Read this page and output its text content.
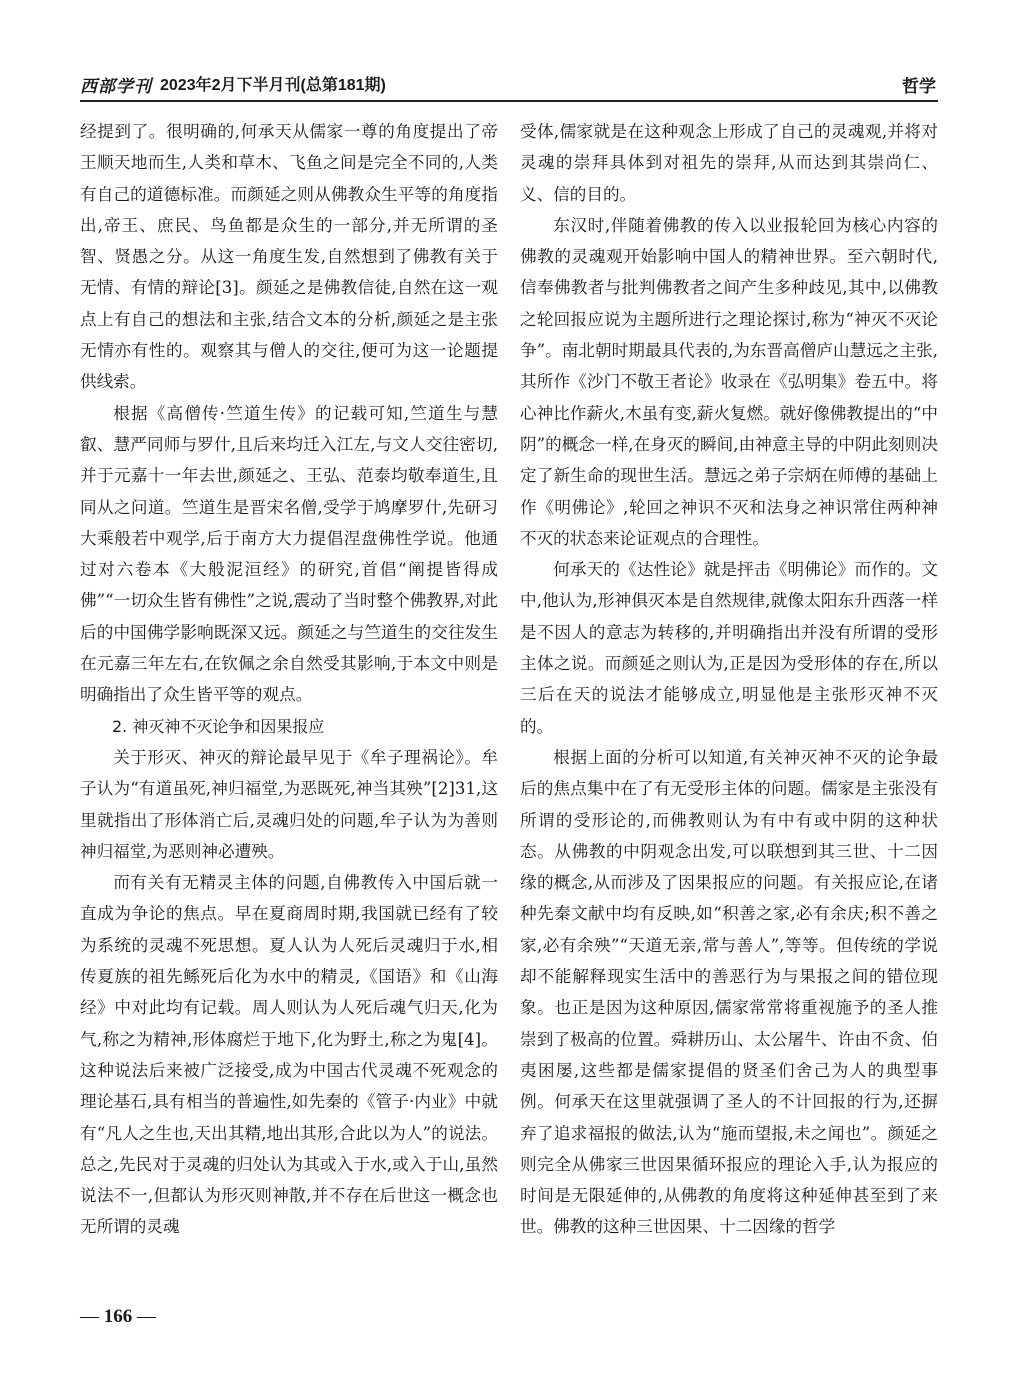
西部学刊 2023年2月下半月刊(总第181期)	哲学

经提到了。很明确的,何承天从儒家一尊的角度提出了帝王顺天地而生,人类和草木、飞鱼之间是完全不同的,人类有自己的道德标准。而颜延之则从佛教众生平等的角度指出,帝王、庶民、鸟鱼都是众生的一部分,并无所谓的圣智、贤愚之分。从这一角度生发,自然想到了佛教有关于无情、有情的辩论[3]。颜延之是佛教信徒,自然在这一观点上有自己的想法和主张,结合文本的分析,颜延之是主张无情亦有性的。观察其与僧人的交往,便可为这一论题提供线索。

根据《高僧传·竺道生传》的记载可知,竺道生与慧叡、慧严同师与罗什,且后来均迁入江左,与文人交往密切,并于元嘉十一年去世,颜延之、王弘、范泰均敬奉道生,且同从之问道。竺道生是晋宋名僧,受学于鸠摩罗什,先研习大乘般若中观学,后于南方大力提倡涅盘佛性学说。他通过对六卷本《大般泥洹经》的研究,首倡“阐提皆得成佛”“一切众生皆有佛性”之说,震动了当时整个佛教界,对此后的中国佛学影响既深又远。颜延之与竺道生的交往发生在元嘉三年左右,在钦佩之余自然受其影响,于本文中则是明确指出了众生皆平等的观点。

2. 神灭神不灭论争和因果报应

关于形灭、神灭的辩论最早见于《牟子理祸论》。牟子认为“有道虽死,神归福堂,为恶既死,神当其殃”[2]31,这里就指出了形体消亡后,灵魂归处的问题,牟子认为为善则神归福堂,为恶则神必遭殃。

而有关有无精灵主体的问题,自佛教传入中国后就一直成为争论的焦点。早在夏商周时期,我国就已经有了较为系统的灵魂不死思想。夏人认为人死后灵魂归于水,相传夏族的祖先鲧死后化为水中的精灵,《国语》和《山海经》中对此均有记载。周人则认为人死后魂气归天,化为气,称之为精神,形体腐烂于地下,化为野土,称之为鬼[4]。这种说法后来被广泛接受,成为中国古代灵魂不死观念的理论基石,具有相当的普遍性,如先秦的《管子·内业》中就有“凡人之生也,天出其精,地出其形,合此以为人”的说法。总之,先民对于灵魂的归处认为其或入于水,或入于山,虽然说法不一,但都认为形灭则神散,并不存在后世这一概念也无所谓的灵魂

受体,儒家就是在这种观念上形成了自己的灵魂观,并将对灵魂的崇拜具体到对祖先的崇拜,从而达到其崇尚仁、义、信的目的。

东汉时,伴随着佛教的传入以业报轮回为核心内容的佛教的灵魂观开始影响中国人的精神世界。至六朝时代,信奉佛教者与批判佛教者之间产生多种歧见,其中,以佛教之轮回报应说为主题所进行之理论探讨,称为“神灭不灭论争”。南北朝时期最具代表的,为东晋高僧庐山慧远之主张,其所作《沙门不敬王者论》收录在《弘明集》卷五中。将心神比作薪火,木虽有变,薪火复燃。就好像佛教提出的“中阴”的概念一样,在身灭的瞬间,由神意主导的中阴此刻则决定了新生命的现世生活。慧远之弟子宗炳在师傅的基础上作《明佛论》,轮回之神识不灭和法身之神识常住两种神不灭的状态来论证观点的合理性。

何承天的《达性论》就是抨击《明佛论》而作的。文中,他认为,形神俱灭本是自然规律,就像太阳东升西落一样是不因人的意志为转移的,并明确指出并没有所谓的受形主体之说。而颜延之则认为,正是因为受形体的存在,所以三后在天的说法才能够成立,明显他是主张形灭神不灭的。

根据上面的分析可以知道,有关神灭神不灭的论争最后的焦点集中在了有无受形主体的问题。儒家是主张没有所谓的受形论的,而佛教则认为有中有或中阴的这种状态。从佛教的中阴观念出发,可以联想到其三世、十二因缘的概念,从而涉及了因果报应的问题。有关报应论,在诸种先秦文献中均有反映,如“积善之家,必有余庆;积不善之家,必有余殃”“天道无亲,常与善人”,等等。但传统的学说却不能解释现实生活中的善恶行为与果报之间的错位现象。也正是因为这种原因,儒家常常将重视施予的圣人推崇到了极高的位置。舜耕历山、太公屠牛、许由不贪、伯夷困屡,这些都是儒家提倡的贤圣们舍己为人的典型事例。何承天在这里就强调了圣人的不计回报的行为,还摒弃了追求福报的做法,认为“施而望报,未之闻也”。颜延之则完全从佛家三世因果循环报应的理论入手,认为报应的时间是无限延伸的,从佛教的角度将这种延伸甚至到了来世。佛教的这种三世因果、十二因缘的哲学

— 166 —
